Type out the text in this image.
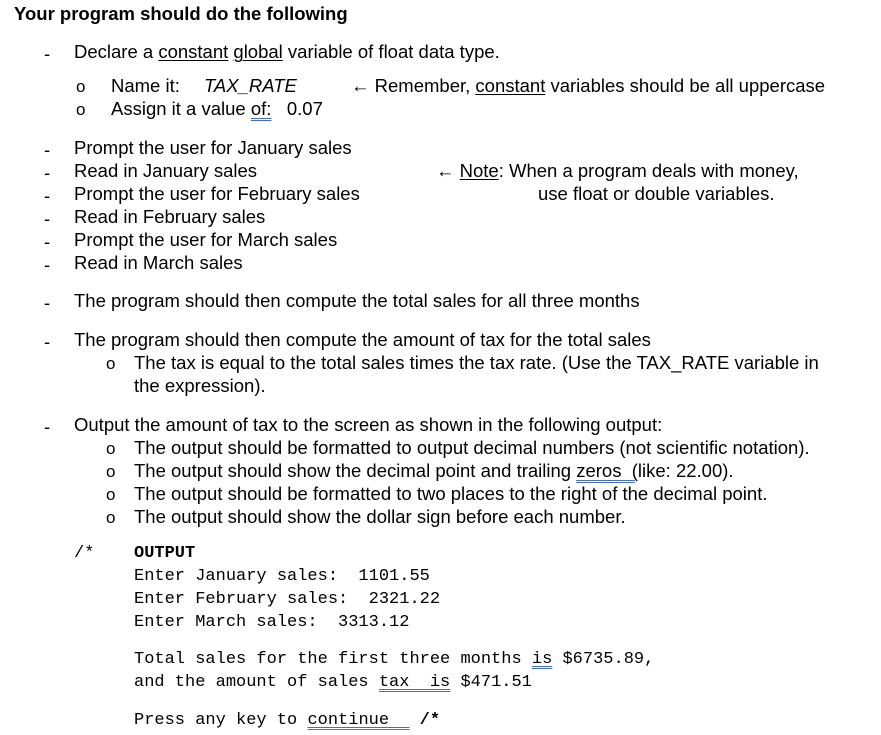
Your program should do the following
- Declare a constant global variable of float data type.
o Name it: TAX_RATE	← Remember, constant variables should be all uppercase
o Assign it a value of: 0.07
- Prompt the user for January sales
- Read in January sales
- Prompt the user for February sales
- Read in February sales
- Prompt the user for March sales
- Read in March sales
← Note: When a program deals with money,
use float or double variables.
- The program should then compute the total sales for all three months
- The program should then compute the amount of tax for the total sales
o The tax is equal to the total sales times the tax rate. (Use the TAX_RATE variable in
the expression).
- Output the amount of tax to the screen as shown in the following output:
o The output should be formatted to output decimal numbers (not scientific notation).
o The output should show the decimal point and trailing zeros  (like: 22.00).
o The output should be formatted to two places to the right of the decimal point.
o The output should show the dollar sign before each number.
/* OUTPUT
Enter January sales:  1101.55
Enter February sales:  2321.22
Enter March sales:  3313.12
Total sales for the first three months is $6735.89,
and the amount of sales tax  is $471.51
Press any key to continue   /*
